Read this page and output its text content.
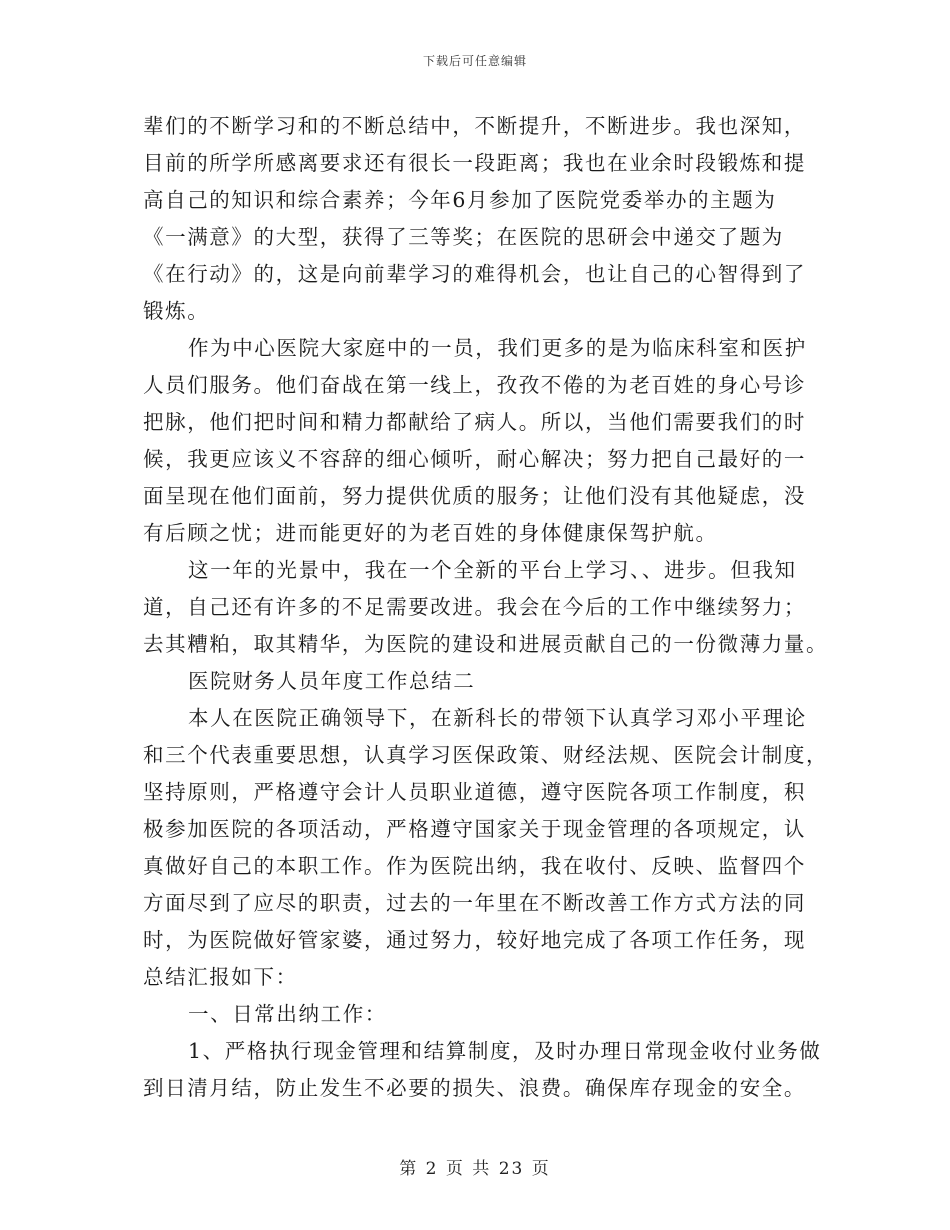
下载后可任意编辑
辈们的不断学习和的不断总结中，不断提升，不断进步。我也深知，
目前的所学所感离要求还有很长一段距离；我也在业余时段锻炼和提
高自己的知识和综合素养；今年6月参加了医院党委举办的主题为
《一满意》的大型，获得了三等奖；在医院的思研会中递交了题为
《在行动》的，这是向前辈学习的难得机会，也让自己的心智得到了
锻炼。
作为中心医院大家庭中的一员，我们更多的是为临床科室和医护
人员们服务。他们奋战在第一线上，孜孜不倦的为老百姓的身心号诊
把脉，他们把时间和精力都献给了病人。所以，当他们需要我们的时
候，我更应该义不容辞的细心倾听，耐心解决；努力把自己最好的一
面呈现在他们面前，努力提供优质的服务；让他们没有其他疑虑，没
有后顾之忧；进而能更好的为老百姓的身体健康保驾护航。
这一年的光景中，我在一个全新的平台上学习、、进步。但我知
道，自己还有许多的不足需要改进。我会在今后的工作中继续努力；
去其糟粕，取其精华，为医院的建设和进展贡献自己的一份微薄力量。
医院财务人员年度工作总结二
本人在医院正确领导下，在新科长的带领下认真学习邓小平理论
和三个代表重要思想，认真学习医保政策、财经法规、医院会计制度，
坚持原则，严格遵守会计人员职业道德，遵守医院各项工作制度，积
极参加医院的各项活动，严格遵守国家关于现金管理的各项规定，认
真做好自己的本职工作。作为医院出纳，我在收付、反映、监督四个
方面尽到了应尽的职责，过去的一年里在不断改善工作方式方法的同
时，为医院做好管家婆，通过努力，较好地完成了各项工作任务，现
总结汇报如下：
一、日常出纳工作：
1、严格执行现金管理和结算制度，及时办理日常现金收付业务做
到日清月结，防止发生不必要的损失、浪费。确保库存现金的安全。
第 2 页 共 23 页
